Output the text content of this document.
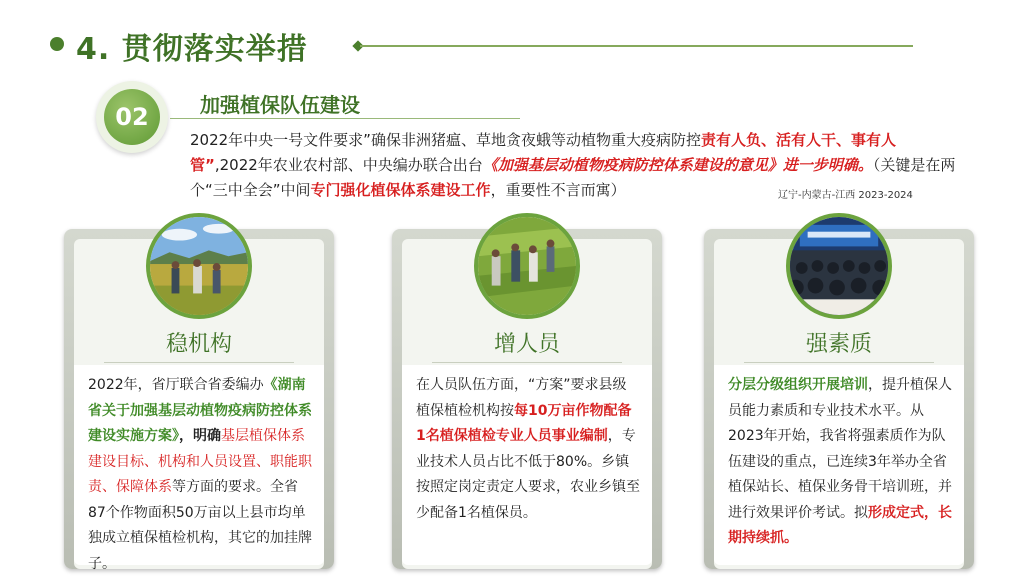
4. 贯彻落实举措
02	加强植保队伍建设
2022年中央一号文件要求”确保非洲猪瘟、草地贪夜蛾等动植物重大疫病防控责有人负、活有人干、事有人管”,2022年农业农村部、中央编办联合出台《加强基层动植物疫病防控体系建设的意见》进一步明确。（关键是在两个“三中全会”中间专门强化植保体系建设工作，重要性不言而寓）	辽宁-内蒙古-江西 2023-2024
稳机构
2022年，省厅联合省委编办《湖南省关于加强基层动植物疫病防控体系建设实施方案》，明确基层植保体系建设目标、机构和人员设置、职能职责、保障体系等方面的要求。全省87个作物面积50万亩以上县市均单独成立植保植检机构，其它的加挂牌子。
增人员
在人员队伍方面，“方案”要求县级植保植检机构按每10万亩作物配备1名植保植检专业人员事业编制，专业技术人员占比不低于80%。乡镇按照定岗定责定人要求，农业乡镇至少配备1名植保员。
强素质
分层分级组织开展培训，提升植保人员能力素质和专业技术水平。从2023年开始，我省将强素质作为队伍建设的重点，已连续3年举办全省植保站长、植保业务骨干培训班，并进行效果评价考试。拟形成定式，长期持续抓。
